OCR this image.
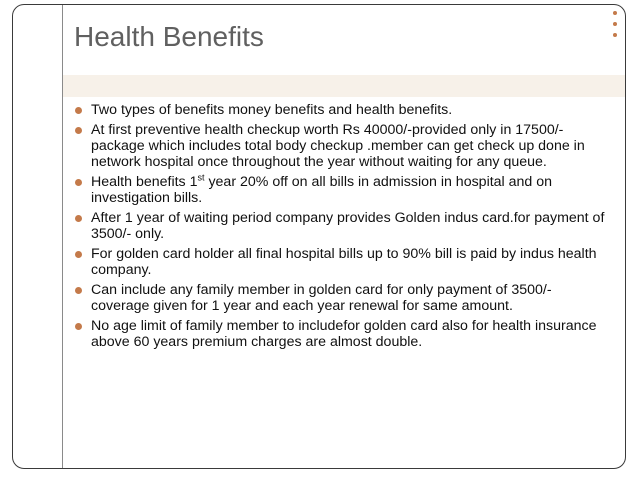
Health Benefits
Two types of benefits money benefits and health benefits.
At first preventive health checkup worth Rs 40000/-provided only in 17500/- package which includes total body checkup .member can get check up done in network hospital once throughout the year without waiting for any queue.
Health benefits 1st year 20% off on all bills in admission in hospital and on investigation bills.
After 1 year of waiting period company provides Golden indus card.for payment of 3500/- only.
For golden card holder all final hospital bills up to 90% bill is paid by indus health company.
Can include any family member in golden card for only payment of 3500/- coverage given for 1 year and each year renewal for same amount.
No age limit of family member to includefor golden card also for health insurance above 60 years premium charges are almost double.
